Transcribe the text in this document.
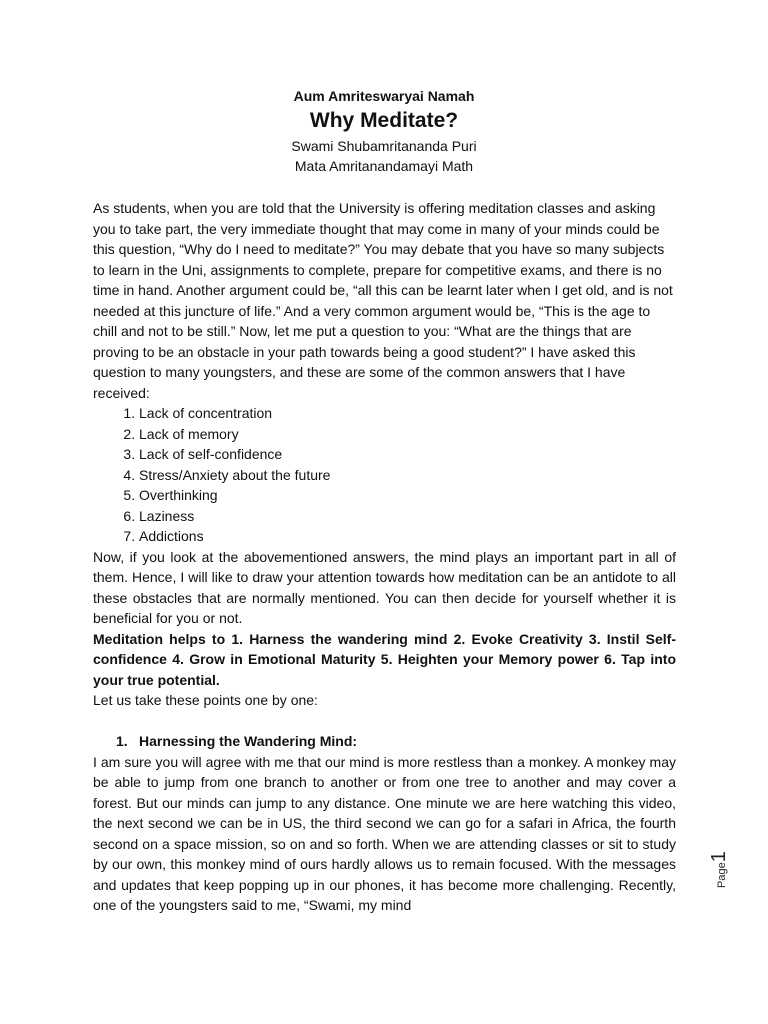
Aum Amriteswaryai Namah

Why Meditate?

Swami Shubamritananda Puri

Mata Amritanandamayi Math

As students, when you are told that the University is offering meditation classes and asking you to take part, the very immediate thought that may come in many of your minds could be this question, “Why do I need to meditate?” You may debate that you have so many subjects to learn in the Uni, assignments to complete, prepare for competitive exams, and there is no time in hand. Another argument could be, “all this can be learnt later when I get old, and is not needed at this juncture of life.” And a very common argument would be, “This is the age to chill and not to be still.” Now, let me put a question to you: “What are the things that are proving to be an obstacle in your path towards being a good student?” I have asked this question to many youngsters, and these are some of the common answers that I have received:

1. Lack of concentration
2. Lack of memory
3. Lack of self-confidence
4. Stress/Anxiety about the future
5. Overthinking
6. Laziness
7. Addictions

Now, if you look at the abovementioned answers, the mind plays an important part in all of them. Hence, I will like to draw your attention towards how meditation can be an antidote to all these obstacles that are normally mentioned. You can then decide for yourself whether it is beneficial for you or not.

Meditation helps to 1. Harness the wandering mind 2. Evoke Creativity 3. Instil Self-confidence 4. Grow in Emotional Maturity 5. Heighten your Memory power 6. Tap into your true potential.

Let us take these points one by one:

1. Harnessing the Wandering Mind:

I am sure you will agree with me that our mind is more restless than a monkey. A monkey may be able to jump from one branch to another or from one tree to another and may cover a forest. But our minds can jump to any distance. One minute we are here watching this video, the next second we can be in US, the third second we can go for a safari in Africa, the fourth second on a space mission, so on and so forth. When we are attending classes or sit to study by our own, this monkey mind of ours hardly allows us to remain focused. With the messages and updates that keep popping up in our phones, it has become more challenging. Recently, one of the youngsters said to me, “Swami, my mind

Page1
